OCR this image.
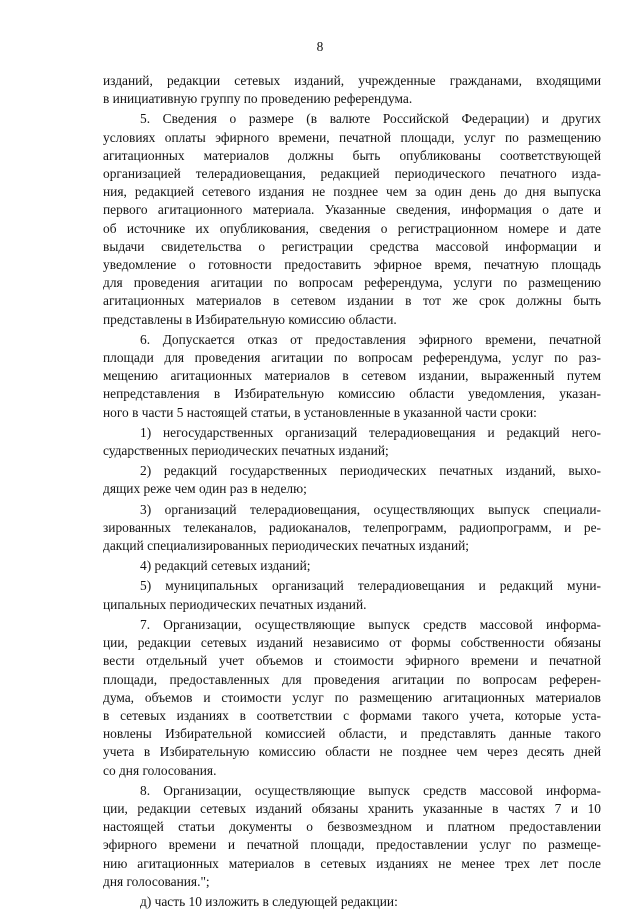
8
изданий, редакции сетевых изданий, учрежденные гражданами, входящими
в инициативную группу по проведению референдума.
5. Сведения о размере (в валюте Российской Федерации) и других
условиях оплаты эфирного времени, печатной площади, услуг по размещению
агитационных материалов должны быть опубликованы соответствующей
организацией телерадиовещания, редакцией периодического печатного изда-
ния, редакцией сетевого издания не позднее чем за один день до дня выпуска
первого агитационного материала. Указанные сведения, информация о дате и
об источнике их опубликования, сведения о регистрационном номере и дате
выдачи свидетельства о регистрации средства массовой информации и
уведомление о готовности предоставить эфирное время, печатную площадь
для проведения агитации по вопросам референдума, услуги по размещению
агитационных материалов в сетевом издании в тот же срок должны быть
представлены в Избирательную комиссию области.
6. Допускается отказ от предоставления эфирного времени, печатной
площади для проведения агитации по вопросам референдума, услуг по раз-
мещению агитационных материалов в сетевом издании, выраженный путем
непредставления в Избирательную комиссию области уведомления, указан-
ного в части 5 настоящей статьи, в установленные в указанной части сроки:
1) негосударственных организаций телерадиовещания и редакций него-
сударственных периодических печатных изданий;
2) редакций государственных периодических печатных изданий, выхо-
дящих реже чем один раз в неделю;
3) организаций телерадиовещания, осуществляющих выпуск специали-
зированных телеканалов, радиоканалов, телепрограмм, радиопрограмм, и ре-
дакций специализированных периодических печатных изданий;
4) редакций сетевых изданий;
5) муниципальных организаций телерадиовещания и редакций муни-
ципальных периодических печатных изданий.
7. Организации, осуществляющие выпуск средств массовой информа-
ции, редакции сетевых изданий независимо от формы собственности обязаны
вести отдельный учет объемов и стоимости эфирного времени и печатной
площади, предоставленных для проведения агитации по вопросам референ-
дума, объемов и стоимости услуг по размещению агитационных материалов
в сетевых изданиях в соответствии с формами такого учета, которые уста-
новлены Избирательной комиссией области, и представлять данные такого
учета в Избирательную комиссию области не позднее чем через десять дней
со дня голосования.
8. Организации, осуществляющие выпуск средств массовой информа-
ции, редакции сетевых изданий обязаны хранить указанные в частях 7 и 10
настоящей статьи документы о безвозмездном и платном предоставлении
эфирного времени и печатной площади, предоставлении услуг по размеще-
нию агитационных материалов в сетевых изданиях не менее трех лет после
дня голосования.";
д) часть 10 изложить в следующей редакции:
